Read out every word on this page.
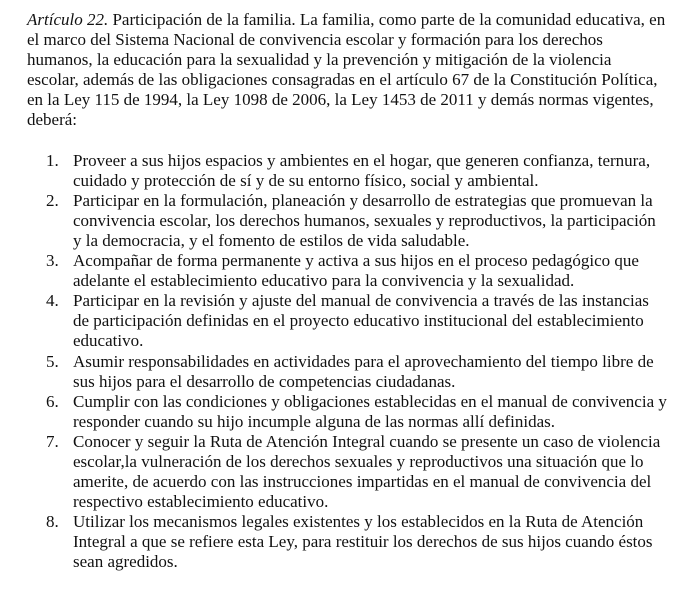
Artículo 22. Participación de la familia. La familia, como parte de la comunidad educativa, en el marco del Sistema Nacional de convivencia escolar y formación para los derechos humanos, la educación para la sexualidad y la prevención y mitigación de la violencia escolar, además de las obligaciones consagradas en el artículo 67 de la Constitución Política, en la Ley 115 de 1994, la Ley 1098 de 2006, la Ley 1453 de 2011 y demás normas vigentes, deberá:

1. Proveer a sus hijos espacios y ambientes en el hogar, que generen confianza, ternura, cuidado y protección de sí y de su entorno físico, social y ambiental.
2. Participar en la formulación, planeación y desarrollo de estrategias que promuevan la convivencia escolar, los derechos humanos, sexuales y reproductivos, la participación y la democracia, y el fomento de estilos de vida saludable.
3. Acompañar de forma permanente y activa a sus hijos en el proceso pedagógico que adelante el establecimiento educativo para la convivencia y la sexualidad.
4. Participar en la revisión y ajuste del manual de convivencia a través de las instancias de participación definidas en el proyecto educativo institucional del establecimiento educativo.
5. Asumir responsabilidades en actividades para el aprovechamiento del tiempo libre de sus hijos para el desarrollo de competencias ciudadanas.
6. Cumplir con las condiciones y obligaciones establecidas en el manual de convivencia y responder cuando su hijo incumple alguna de las normas allí definidas.
7. Conocer y seguir la Ruta de Atención Integral cuando se presente un caso de violencia escolar,la vulneración de los derechos sexuales y reproductivos una situación que lo amerite, de acuerdo con las instrucciones impartidas en el manual de convivencia del respectivo establecimiento educativo.
8. Utilizar los mecanismos legales existentes y los establecidos en la Ruta de Atención Integral a que se refiere esta Ley, para restituir los derechos de sus hijos cuando éstos sean agredidos.
